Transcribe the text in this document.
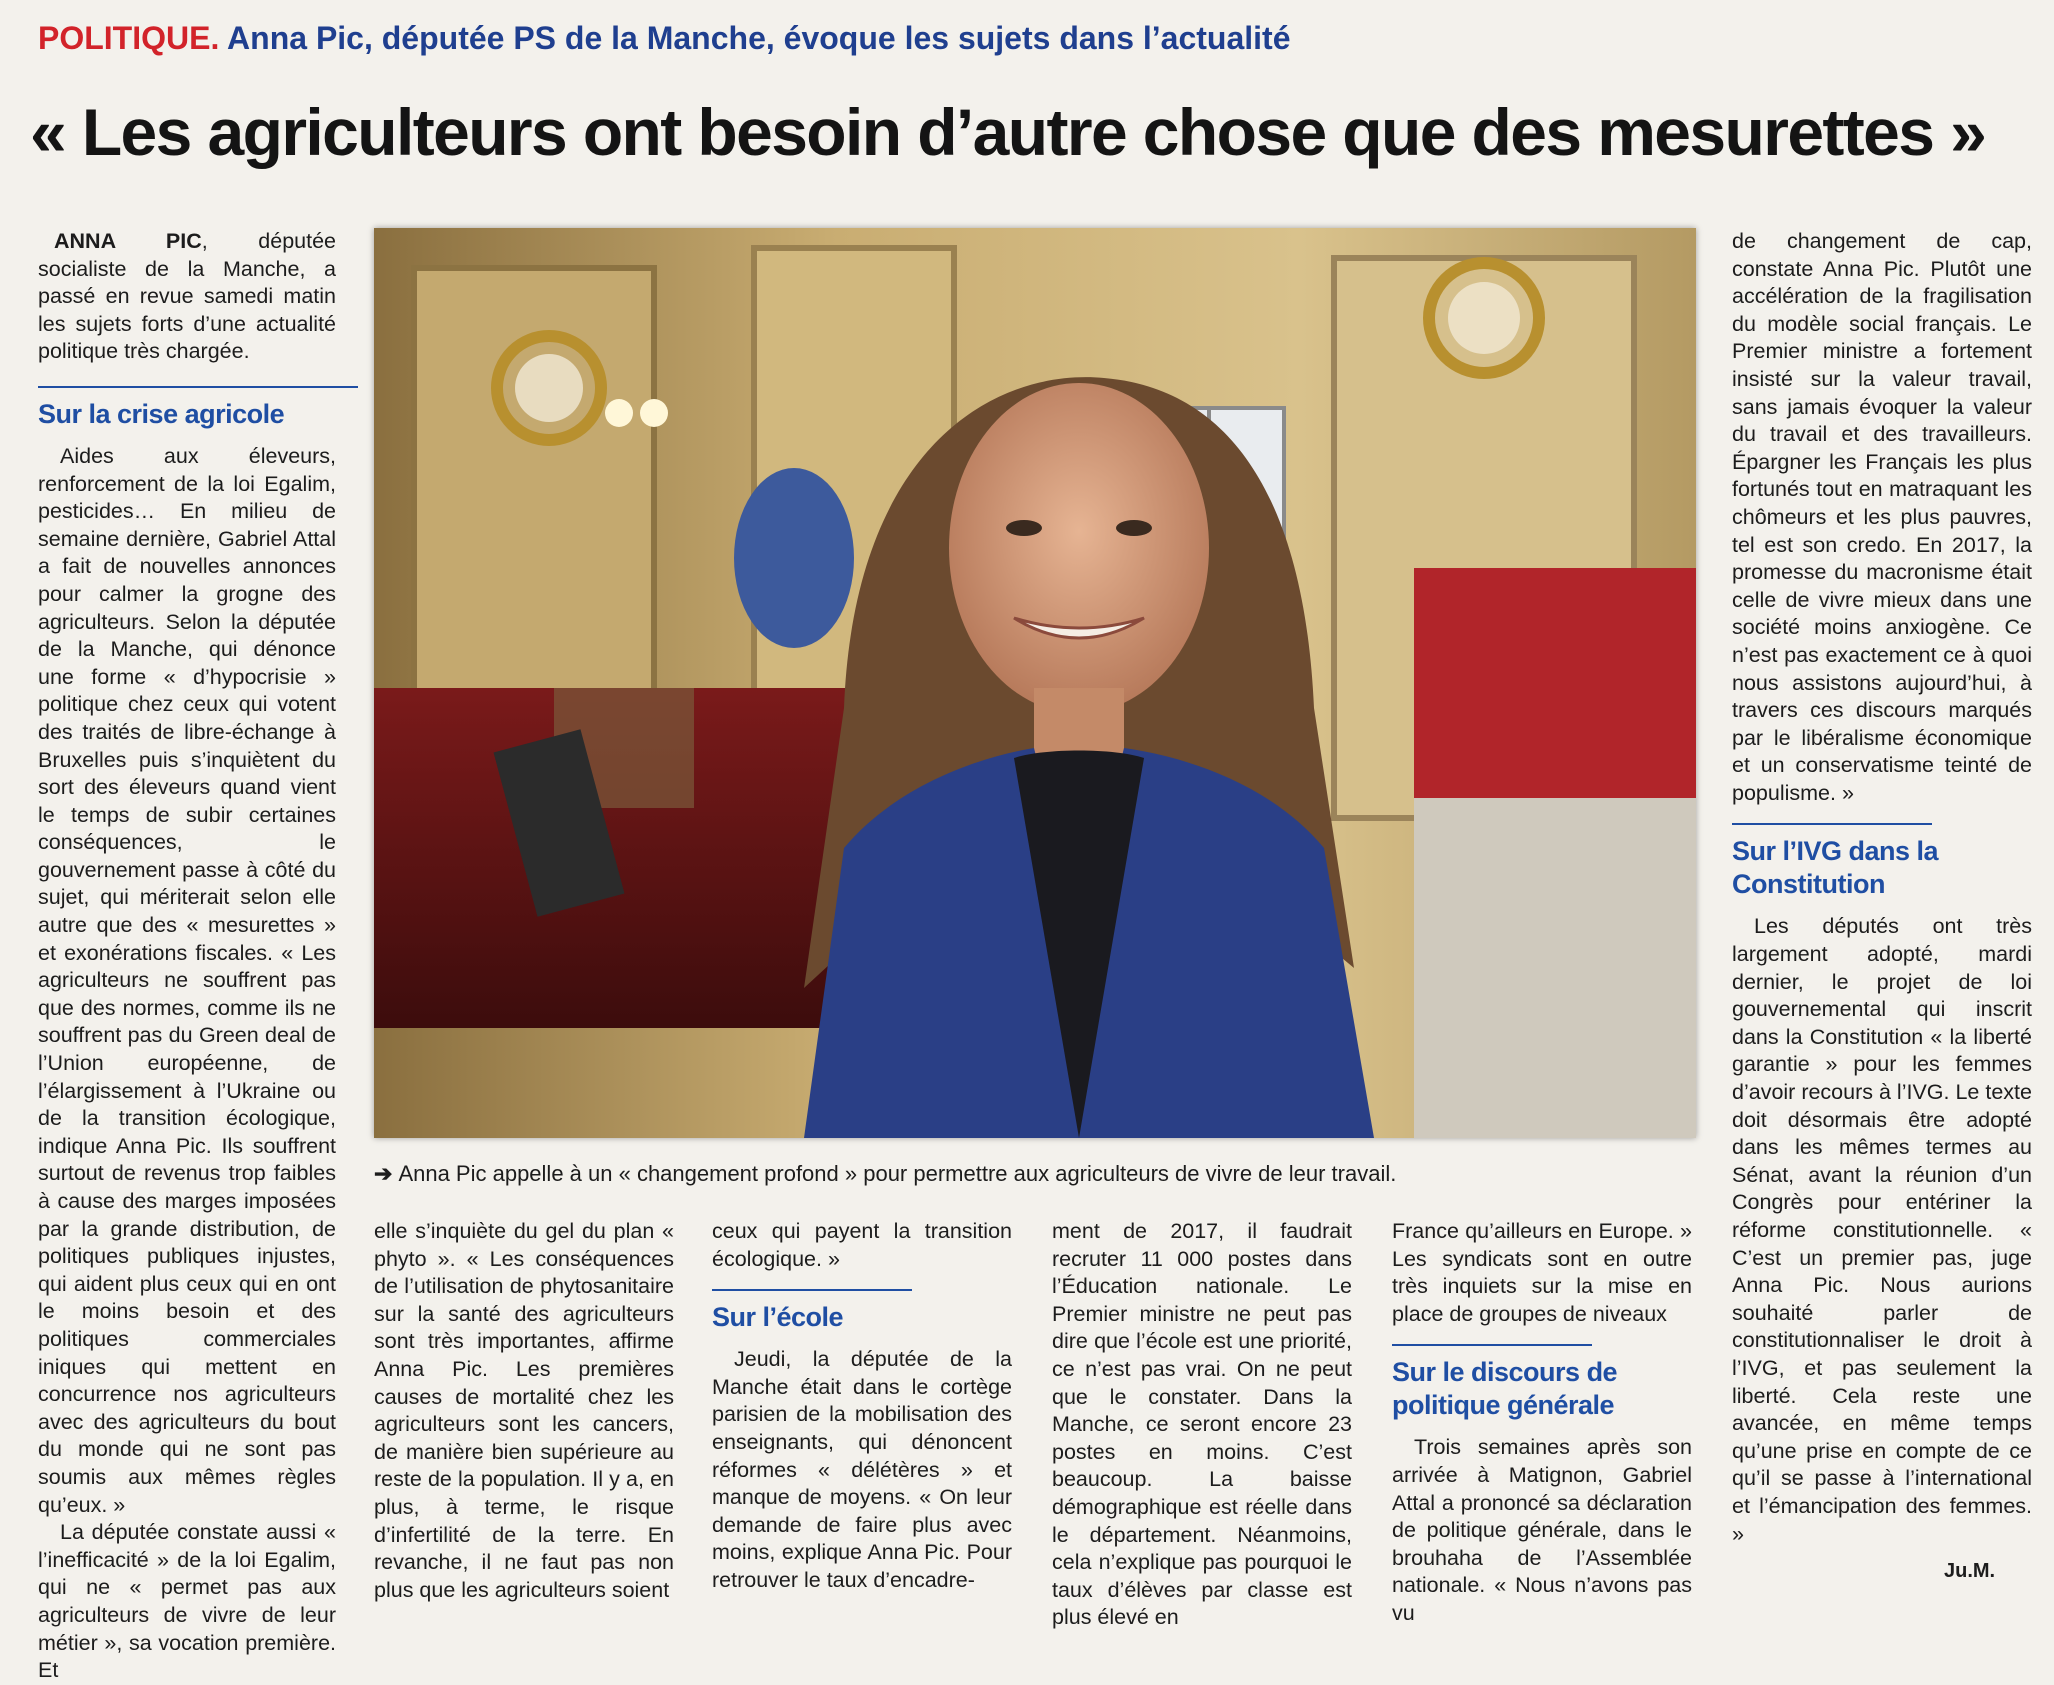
POLITIQUE. Anna Pic, députée PS de la Manche, évoque les sujets dans l’actualité
« Les agriculteurs ont besoin d’autre chose que des mesurettes »

ANNA PIC, députée socialiste de la Manche, a passé en revue samedi matin les sujets forts d’une actualité politique très chargée.

Sur la crise agricole

Aides aux éleveurs, renforcement de la loi Egalim, pesticides… En milieu de semaine dernière, Gabriel Attal a fait de nouvelles annonces pour calmer la grogne des agriculteurs. Selon la députée de la Manche, qui dénonce une forme « d’hypocrisie » politique chez ceux qui votent des traités de libre-échange à Bruxelles puis s’inquiètent du sort des éleveurs quand vient le temps de subir certaines conséquences, le gouvernement passe à côté du sujet, qui mériterait selon elle autre que des « mesurettes » et exonérations fiscales. « Les agriculteurs ne souffrent pas que des normes, comme ils ne souffrent pas du Green deal de l’Union européenne, de l’élargissement à l’Ukraine ou de la transition écologique, indique Anna Pic. Ils souffrent surtout de revenus trop faibles à cause des marges imposées par la grande distribution, de politiques publiques injustes, qui aident plus ceux qui en ont le moins besoin et des politiques commerciales iniques qui mettent en concurrence nos agriculteurs avec des agriculteurs du bout du monde qui ne sont pas soumis aux mêmes règles qu’eux. »

La députée constate aussi « l’inefficacité » de la loi Egalim, qui ne « permet pas aux agriculteurs de vivre de leur métier », sa vocation première. Et

➔ Anna Pic appelle à un « changement profond » pour permettre aux agriculteurs de vivre de leur travail.

elle s’inquiète du gel du plan « phyto ». « Les conséquences de l’utilisation de phytosanitaire sur la santé des agriculteurs sont très importantes, affirme Anna Pic. Les premières causes de mortalité chez les agriculteurs sont les cancers, de manière bien supérieure au reste de la population. Il y a, en plus, à terme, le risque d’infertilité de la terre. En revanche, il ne faut pas non plus que les agriculteurs soient

ceux qui payent la transition écologique. »

Sur l’école

Jeudi, la députée de la Manche était dans le cortège parisien de la mobilisation des enseignants, qui dénoncent réformes « délétères » et manque de moyens. « On leur demande de faire plus avec moins, explique Anna Pic. Pour retrouver le taux d’encadre-

ment de 2017, il faudrait recruter 11 000 postes dans l’Éducation nationale. Le Premier ministre ne peut pas dire que l’école est une priorité, ce n’est pas vrai. On ne peut que le constater. Dans la Manche, ce seront encore 23 postes en moins. C’est beaucoup. La baisse démographique est réelle dans le département. Néanmoins, cela n’explique pas pourquoi le taux d’élèves par classe est plus élevé en

France qu’ailleurs en Europe. » Les syndicats sont en outre très inquiets sur la mise en place de groupes de niveaux

Sur le discours de politique générale

Trois semaines après son arrivée à Matignon, Gabriel Attal a prononcé sa déclaration de politique générale, dans le brouhaha de l’Assemblée nationale. « Nous n’avons pas vu

de changement de cap, constate Anna Pic. Plutôt une accélération de la fragilisation du modèle social français. Le Premier ministre a fortement insisté sur la valeur travail, sans jamais évoquer la valeur du travail et des travailleurs. Épargner les Français les plus fortunés tout en matraquant les chômeurs et les plus pauvres, tel est son credo. En 2017, la promesse du macronisme était celle de vivre mieux dans une société moins anxiogène. Ce n’est pas exactement ce à quoi nous assistons aujourd’hui, à travers ces discours marqués par le libéralisme économique et un conservatisme teinté de populisme. »

Sur l’IVG dans la Constitution

Les députés ont très largement adopté, mardi dernier, le projet de loi gouvernemental qui inscrit dans la Constitution « la liberté garantie » pour les femmes d’avoir recours à l’IVG. Le texte doit désormais être adopté dans les mêmes termes au Sénat, avant la réunion d’un Congrès pour entériner la réforme constitutionnelle. « C’est un premier pas, juge Anna Pic. Nous aurions souhaité parler de constitutionnaliser le droit à l’IVG, et pas seulement la liberté. Cela reste une avancée, en même temps qu’une prise en compte de ce qu’il se passe à l’international et l’émancipation des femmes. »

Ju.M.
